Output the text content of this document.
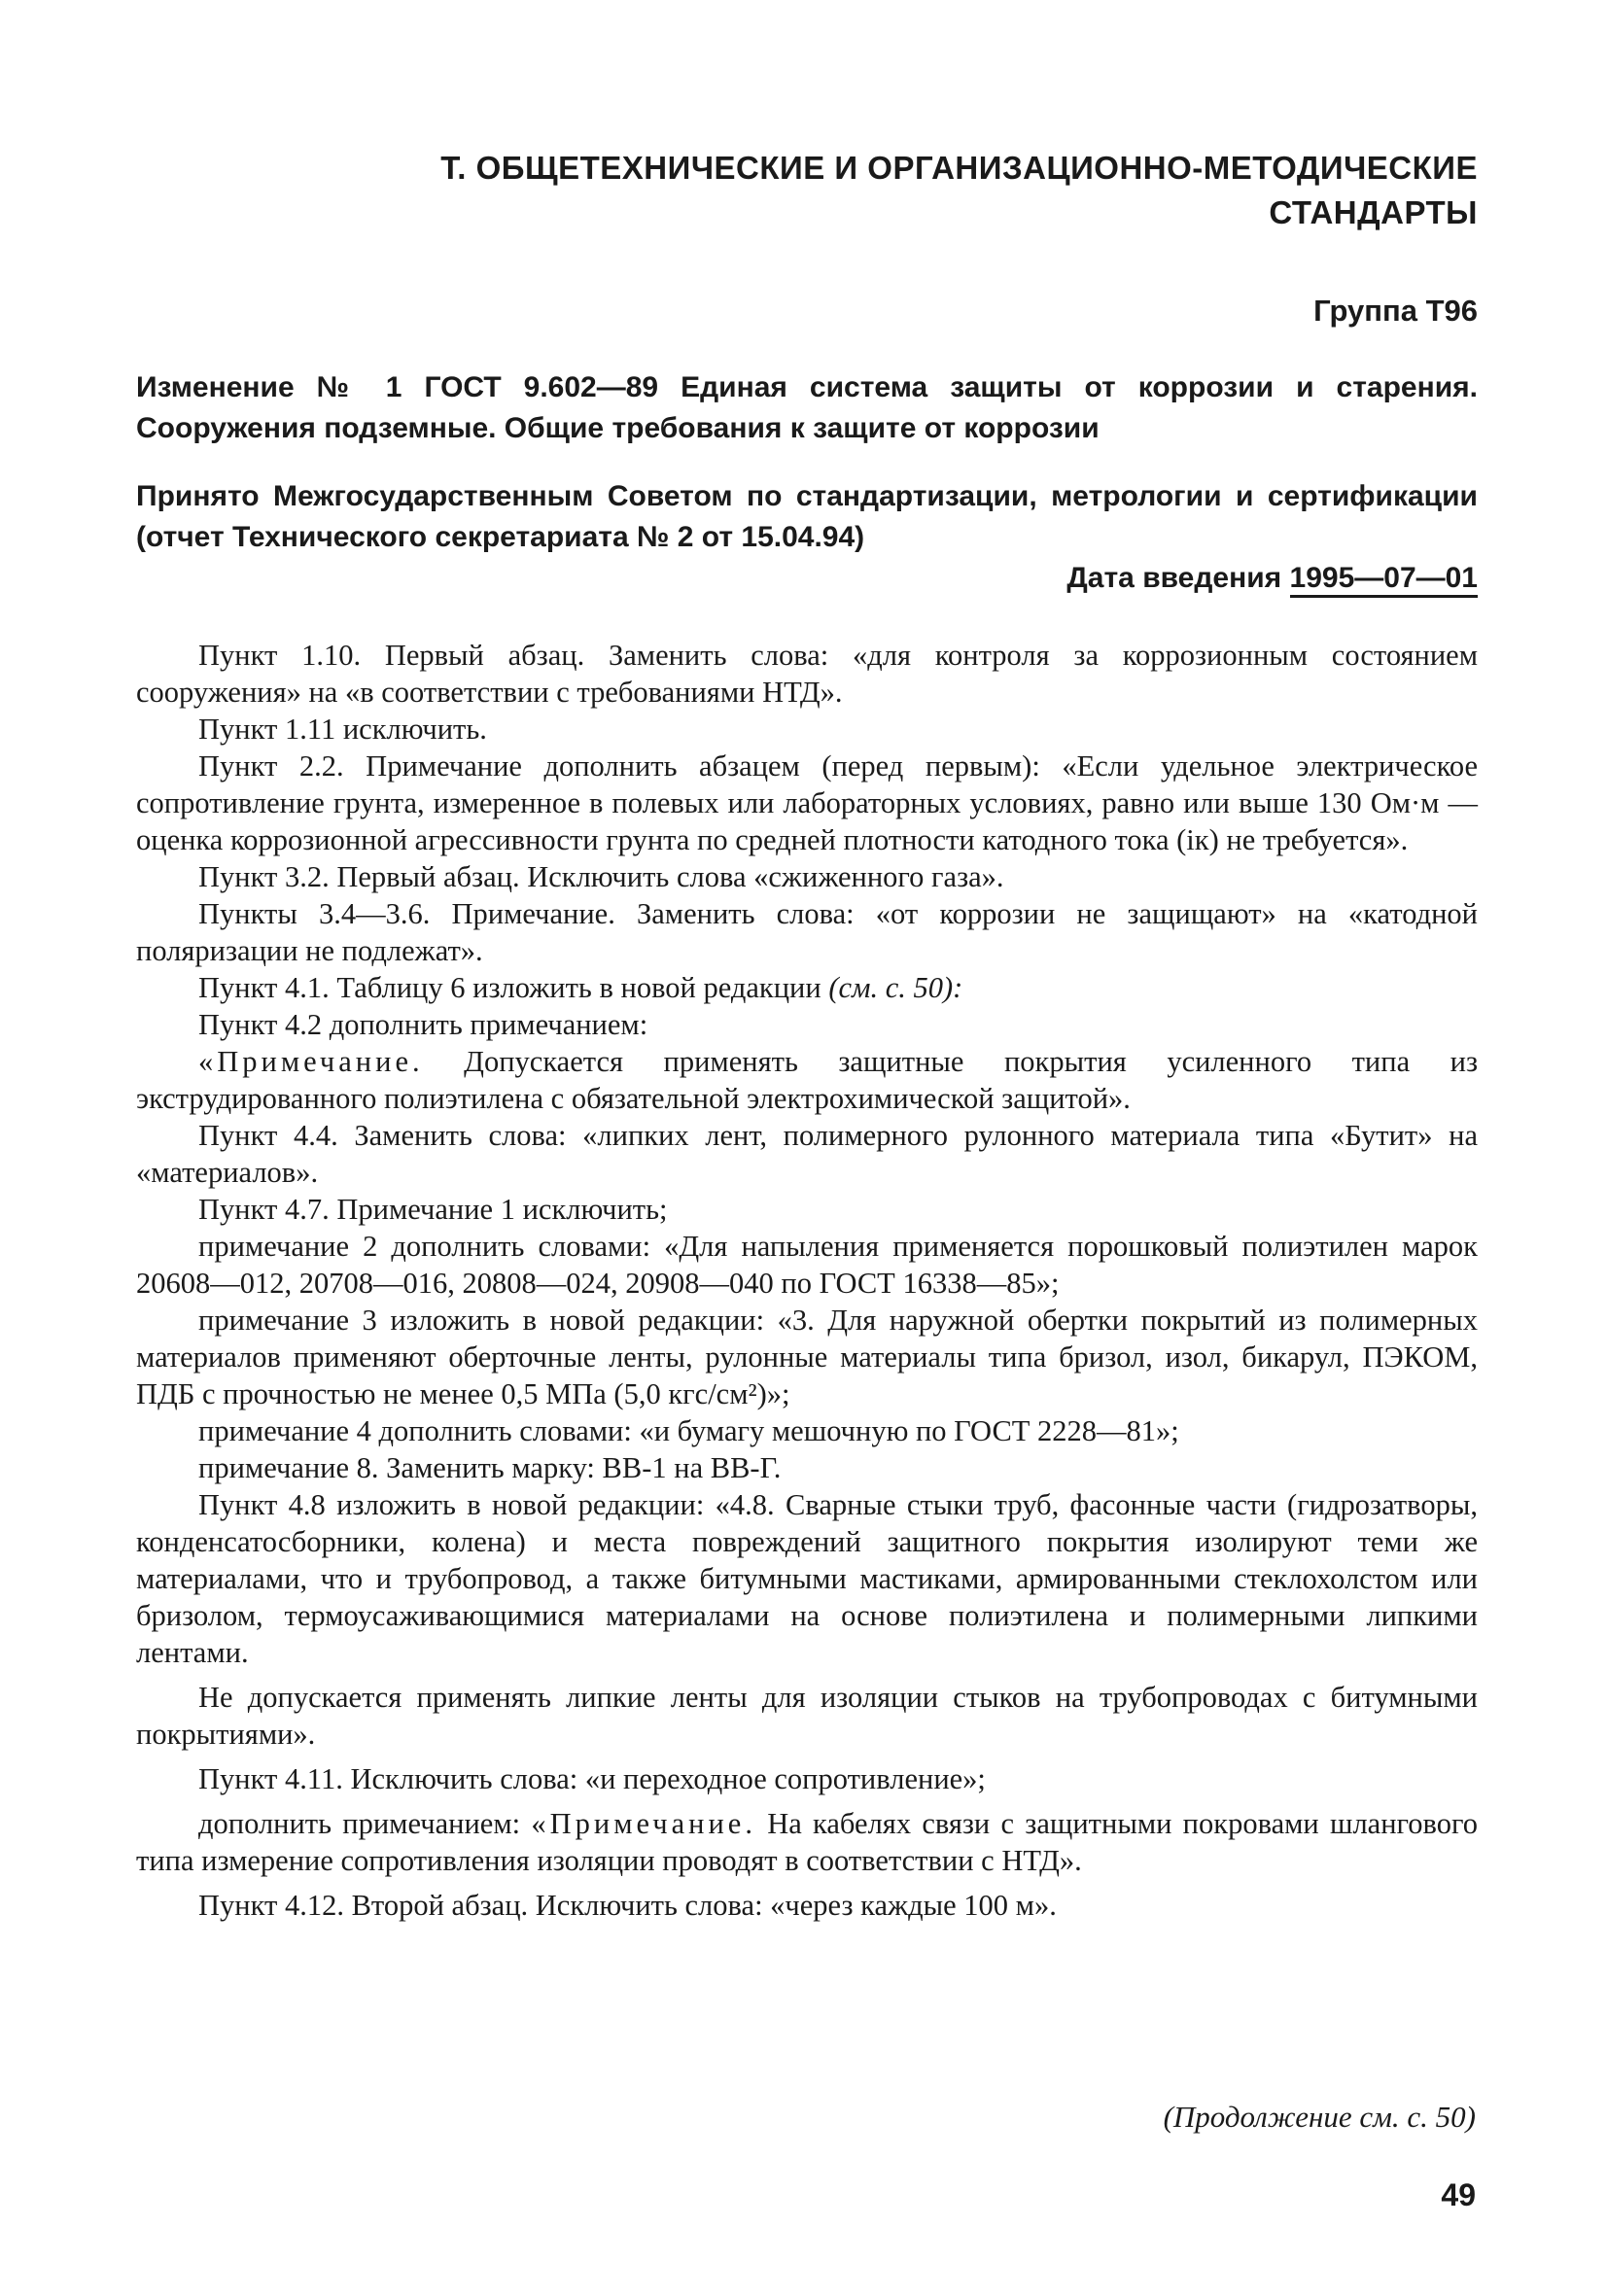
Т. ОБЩЕТЕХНИЧЕСКИЕ И ОРГАНИЗАЦИОННО-МЕТОДИЧЕСКИЕ
СТАНДАРТЫ

Группа Т96

Изменение № 1 ГОСТ 9.602—89 Единая система защиты от коррозии и старения. Сооружения подземные. Общие требования к защите от коррозии

Принято Межгосударственным Советом по стандартизации, метрологии и сертификации (отчет Технического секретариата № 2 от 15.04.94)

Дата введения 1995—07—01

Пункт 1.10. Первый абзац. Заменить слова: «для контроля за коррозионным состоянием сооружения» на «в соответствии с требованиями НТД».

Пункт 1.11 исключить.

Пункт 2.2. Примечание дополнить абзацем (перед первым): «Если удельное электрическое сопротивление грунта, измеренное в полевых или лабораторных условиях, равно или выше 130 Ом·м — оценка коррозионной агрессивности грунта по средней плотности катодного тока (iк) не требуется».

Пункт 3.2. Первый абзац. Исключить слова «сжиженного газа».

Пункты 3.4—3.6. Примечание. Заменить слова: «от коррозии не защищают» на «катодной поляризации не подлежат».

Пункт 4.1. Таблицу 6 изложить в новой редакции (см. с. 50):

Пункт 4.2 дополнить примечанием:

«Примечание. Допускается применять защитные покрытия усиленного типа из экструдированного полиэтилена с обязательной электрохимической защитой».

Пункт 4.4. Заменить слова: «липких лент, полимерного рулонного материала типа «Бутит» на «материалов».

Пункт 4.7. Примечание 1 исключить;

примечание 2 дополнить словами: «Для напыления применяется порошковый полиэтилен марок 20608—012, 20708—016, 20808—024, 20908—040 по ГОСТ 16338—85»;

примечание 3 изложить в новой редакции: «3. Для наружной обертки покрытий из полимерных материалов применяют оберточные ленты, рулонные материалы типа бризол, изол, бикарул, ПЭКОМ, ПДБ с прочностью не менее 0,5 МПа (5,0 кгс/см²)»;

примечание 4 дополнить словами: «и бумагу мешочную по ГОСТ 2228—81»;

примечание 8. Заменить марку: ВВ-1 на ВВ-Г.

Пункт 4.8 изложить в новой редакции: «4.8. Сварные стыки труб, фасонные части (гидрозатворы, конденсатосборники, колена) и места повреждений защитного покрытия изолируют теми же материалами, что и трубопровод, а также битумными мастиками, армированными стеклохолстом или бризолом, термоусаживающимися материалами на основе полиэтилена и полимерными липкими лентами.

Не допускается применять липкие ленты для изоляции стыков на трубопроводах с битумными покрытиями».

Пункт 4.11. Исключить слова: «и переходное сопротивление»;

дополнить примечанием: «Примечание. На кабелях связи с защитными покровами шлангового типа измерение сопротивления изоляции проводят в соответствии с НТД».

Пункт 4.12. Второй абзац. Исключить слова: «через каждые 100 м».

(Продолжение см. с. 50)
49
